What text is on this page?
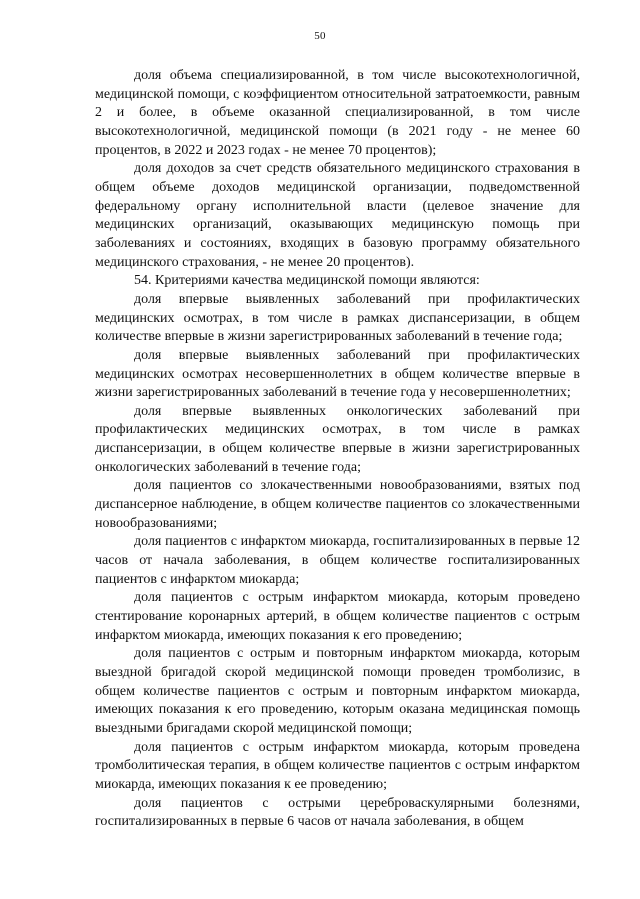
50

доля объема специализированной, в том числе высокотехнологичной, медицинской помощи, с коэффициентом относительной затратоемкости, равным 2 и более, в объеме оказанной специализированной, в том числе высокотехнологичной, медицинской помощи (в 2021 году - не менее 60 процентов, в 2022 и 2023 годах - не менее 70 процентов);

доля доходов за счет средств обязательного медицинского страхования в общем объеме доходов медицинской организации, подведомственной федеральному органу исполнительной власти (целевое значение для медицинских организаций, оказывающих медицинскую помощь при заболеваниях и состояниях, входящих в базовую программу обязательного медицинского страхования, - не менее 20 процентов).

54. Критериями качества медицинской помощи являются:

доля впервые выявленных заболеваний при профилактических медицинских осмотрах, в том числе в рамках диспансеризации, в общем количестве впервые в жизни зарегистрированных заболеваний в течение года;

доля впервые выявленных заболеваний при профилактических медицинских осмотрах несовершеннолетних в общем количестве впервые в жизни зарегистрированных заболеваний в течение года у несовершеннолетних;

доля впервые выявленных онкологических заболеваний при профилактических медицинских осмотрах, в том числе в рамках диспансеризации, в общем количестве впервые в жизни зарегистрированных онкологических заболеваний в течение года;

доля пациентов со злокачественными новообразованиями, взятых под диспансерное наблюдение, в общем количестве пациентов со злокачественными новообразованиями;

доля пациентов с инфарктом миокарда, госпитализированных в первые 12 часов от начала заболевания, в общем количестве госпитализированных пациентов с инфарктом миокарда;

доля пациентов с острым инфарктом миокарда, которым проведено стентирование коронарных артерий, в общем количестве пациентов с острым инфарктом миокарда, имеющих показания к его проведению;

доля пациентов с острым и повторным инфарктом миокарда, которым выездной бригадой скорой медицинской помощи проведен тромболизис, в общем количестве пациентов с острым и повторным инфарктом миокарда, имеющих показания к его проведению, которым оказана медицинская помощь выездными бригадами скорой медицинской помощи;

доля пациентов с острым инфарктом миокарда, которым проведена тромболитическая терапия, в общем количестве пациентов с острым инфарктом миокарда, имеющих показания к ее проведению;

доля пациентов с острыми цереброваскулярными болезнями, госпитализированных в первые 6 часов от начала заболевания, в общем
